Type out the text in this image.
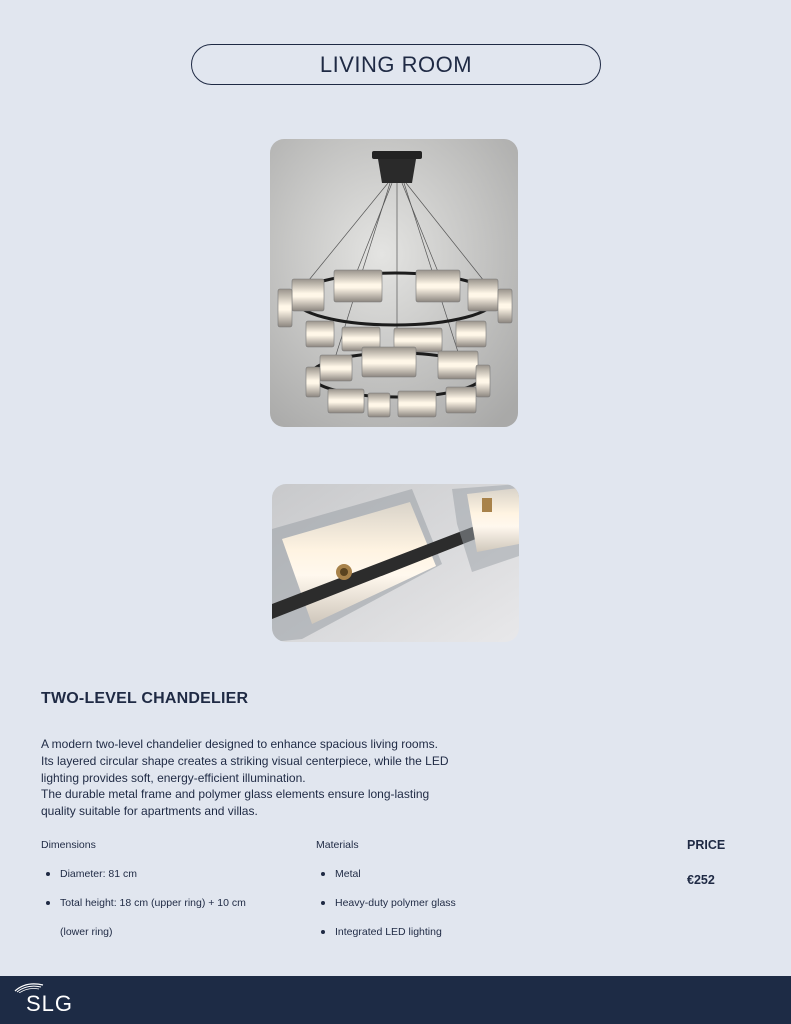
LIVING ROOM
TWO-LEVEL CHANDELIER

A modern two-level chandelier designed to enhance spacious living rooms.

Its layered circular shape creates a striking visual centerpiece, while the LED

lighting provides soft, energy-efficient illumination.

The durable metal frame and polymer glass elements ensure long-lasting

quality suitable for apartments and villas.

Dimensions
Diameter: 81 cm
Total height: 18 cm (upper ring) + 10 cm
(lower ring)
Materials
Metal
Heavy-duty polymer glass
Integrated LED lighting
PRICE
€252
SLG
